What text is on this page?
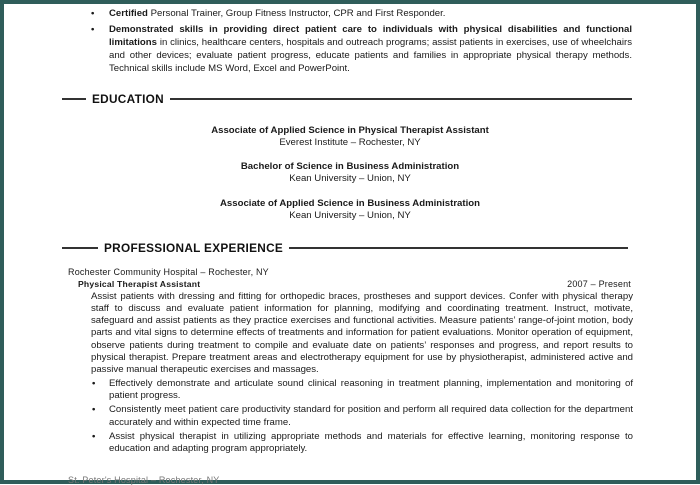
• Certified Personal Trainer, Group Fitness Instructor, CPR and First Responder.
• Demonstrated skills in providing direct patient care to individuals with physical disabilities and functional limitations in clinics, healthcare centers, hospitals and outreach programs; assist patients in exercises, use of wheelchairs and other devices; evaluate patient progress, educate patients and families in appropriate physical therapy methods. Technical skills include MS Word, Excel and PowerPoint.
EDUCATION
Associate of Applied Science in Physical Therapist Assistant
Everest Institute – Rochester, NY
Bachelor of Science in Business Administration
Kean University – Union, NY
Associate of Applied Science in Business Administration
Kean University – Union, NY
PROFESSIONAL EXPERIENCE
Rochester Community Hospital – Rochester, NY
Physical Therapist Assistant	2007 – Present
Assist patients with dressing and fitting for orthopedic braces, prostheses and support devices. Confer with physical therapy staff to discuss and evaluate patient information for planning, modifying and coordinating treatment. Instruct, motivate, safeguard and assist patients as they practice exercises and functional activities. Measure patients’ range-of-joint motion, body parts and vital signs to determine effects of treatments and information for patient evaluations. Monitor operation of equipment, observe patients during treatment to compile and evaluate date on patients’ responses and progress, and report results to physical therapist. Prepare treatment areas and electrotherapy equipment for use by physiotherapist, administered active and passive manual therapeutic exercises and massages.
• Effectively demonstrate and articulate sound clinical reasoning in treatment planning, implementation and monitoring of patient progress.
• Consistently meet patient care productivity standard for position and perform all required data collection for the department accurately and within expected time frame.
• Assist physical therapist in utilizing appropriate methods and materials for effective learning, monitoring response to education and adapting program appropriately.
St. Peter's Hospital – Rochester, NY
